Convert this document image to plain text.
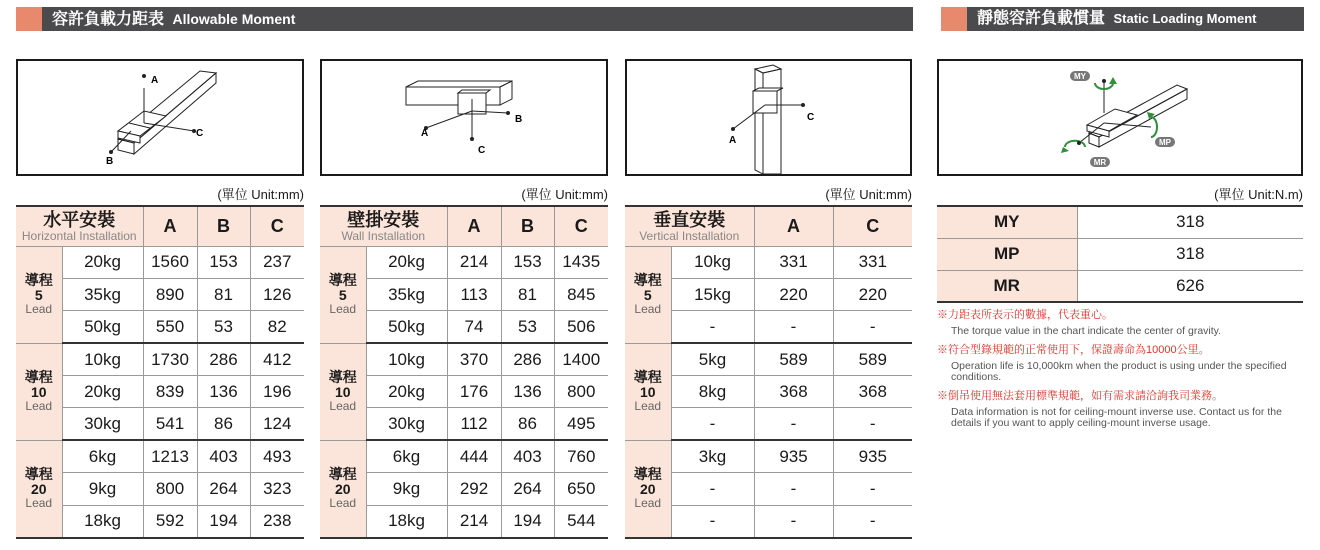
容許負載力距表 Allowable Moment	靜態容許負載慣量 Static Loading Moment
A
C
B
A
C
B
A
C
MY
MP
MR
(單位 Unit:mm)	(單位 Unit:mm)	(單位 Unit:mm)	(單位 Unit:N.m)
水平安裝
Horizontal Installation		A	B	C

導程
5
Lead	20kg	1560	153	237
	35kg	890	81	126
	50kg	550	53	82

導程
10
Lead	10kg	1730	286	412
	20kg	839	136	196
	30kg	541	86	124

導程
20
Lead	6kg	1213	403	493
	9kg	800	264	323
	18kg	592	194	238
壁掛安裝
Wall Installation		A	B	C

導程
5
Lead	20kg	214	153	1435
	35kg	113	81	845
	50kg	74	53	506

導程
10
Lead	10kg	370	286	1400
	20kg	176	136	800
	30kg	112	86	495

導程
20
Lead	6kg	444	403	760
	9kg	292	264	650
	18kg	214	194	544
垂直安裝
Vertical Installation		A	C

導程
5
Lead	10kg	331	331
	15kg	220	220
	-	-	-

導程
10
Lead	5kg	589	589
	8kg	368	368
	-	-	-

導程
20
Lead	3kg	935	935
	-	-	-
	-	-	-
MY	318
MP	318
MR	626
※力距表所表示的數據，代表重心。
The torque value in the chart indicate the center of gravity.
※符合型錄規範的正常使用下，保證壽命為10000公里。
Operation life is 10,000km when the product is using under the specified conditions.
※倒吊使用無法套用標準規範，如有需求請洽詢我司業務。
Data information is not for ceiling-mount inverse use. Contact us for the details if you want to apply ceiling-mount inverse usage.
